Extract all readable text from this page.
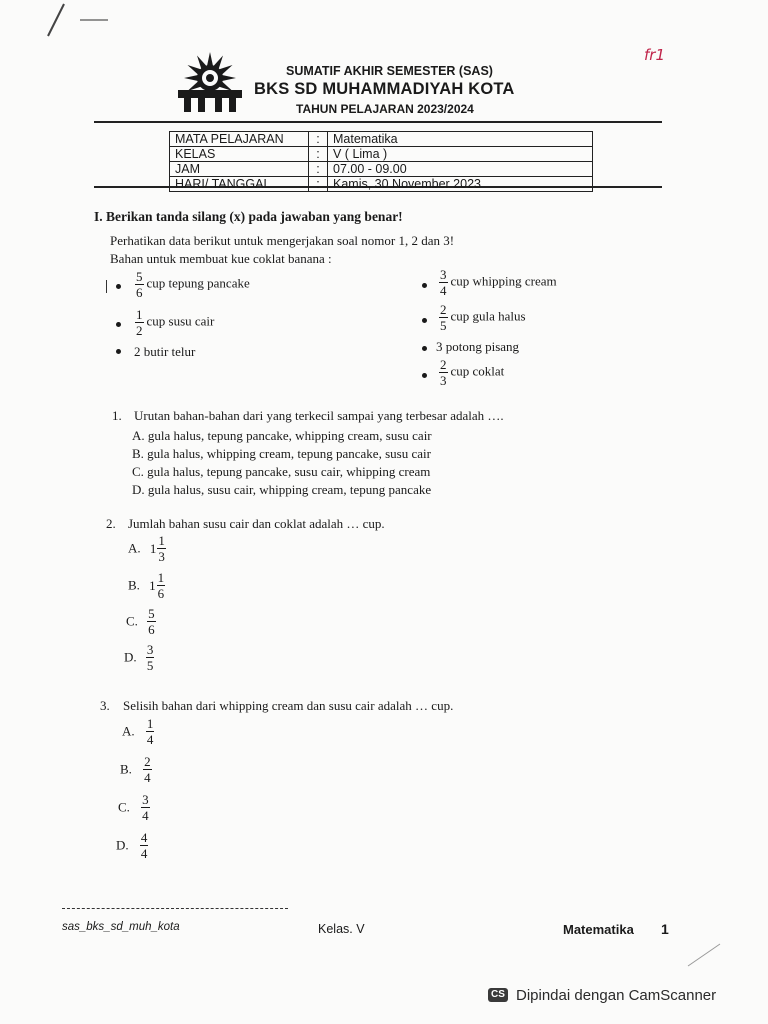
fr1
SUMATIF AKHIR SEMESTER (SAS)
BKS SD MUHAMMADIYAH KOTA
TAHUN PELAJARAN 2023/2024
MATA PELAJARAN	:	Matematika
KELAS	:	V ( Lima )
JAM	:	07.00 - 09.00
HARI/ TANGGAL	:	Kamis, 30 November 2023
I. Berikan tanda silang (x) pada jawaban yang benar!
Perhatikan data berikut untuk mengerjakan soal nomor 1, 2 dan 3!
Bahan untuk membuat kue coklat banana :
$\frac{5}{6}$ cup tepung pancake
$\frac{1}{2}$ cup susu cair
2 butir telur
$\frac{3}{4}$ cup whipping cream
$\frac{2}{5}$ cup gula halus
3 potong pisang
$\frac{2}{3}$ cup coklat
1. Urutan bahan-bahan dari yang terkecil sampai yang terbesar adalah ….
A. gula halus, tepung pancake, whipping cream, susu cair
B. gula halus, whipping cream, tepung pancake, susu cair
C. gula halus, tepung pancake, susu cair, whipping cream
D. gula halus, susu cair, whipping cream, tepung pancake
2. Jumlah bahan susu cair dan coklat adalah … cup.
A. $1 \frac{1}{3}$
B. $1 \frac{1}{6}$
C. $\frac{5}{6}$
D. $\frac{3}{5}$
3. Selisih bahan dari whipping cream dan susu cair adalah … cup.
A. $\frac{1}{4}$
B. $\frac{2}{4}$
C. $\frac{3}{4}$
D. $\frac{4}{4}$
sas_bks_sd_muh_kota	Kelas. V	Matematika 1
CS Dipindai dengan CamScanner
